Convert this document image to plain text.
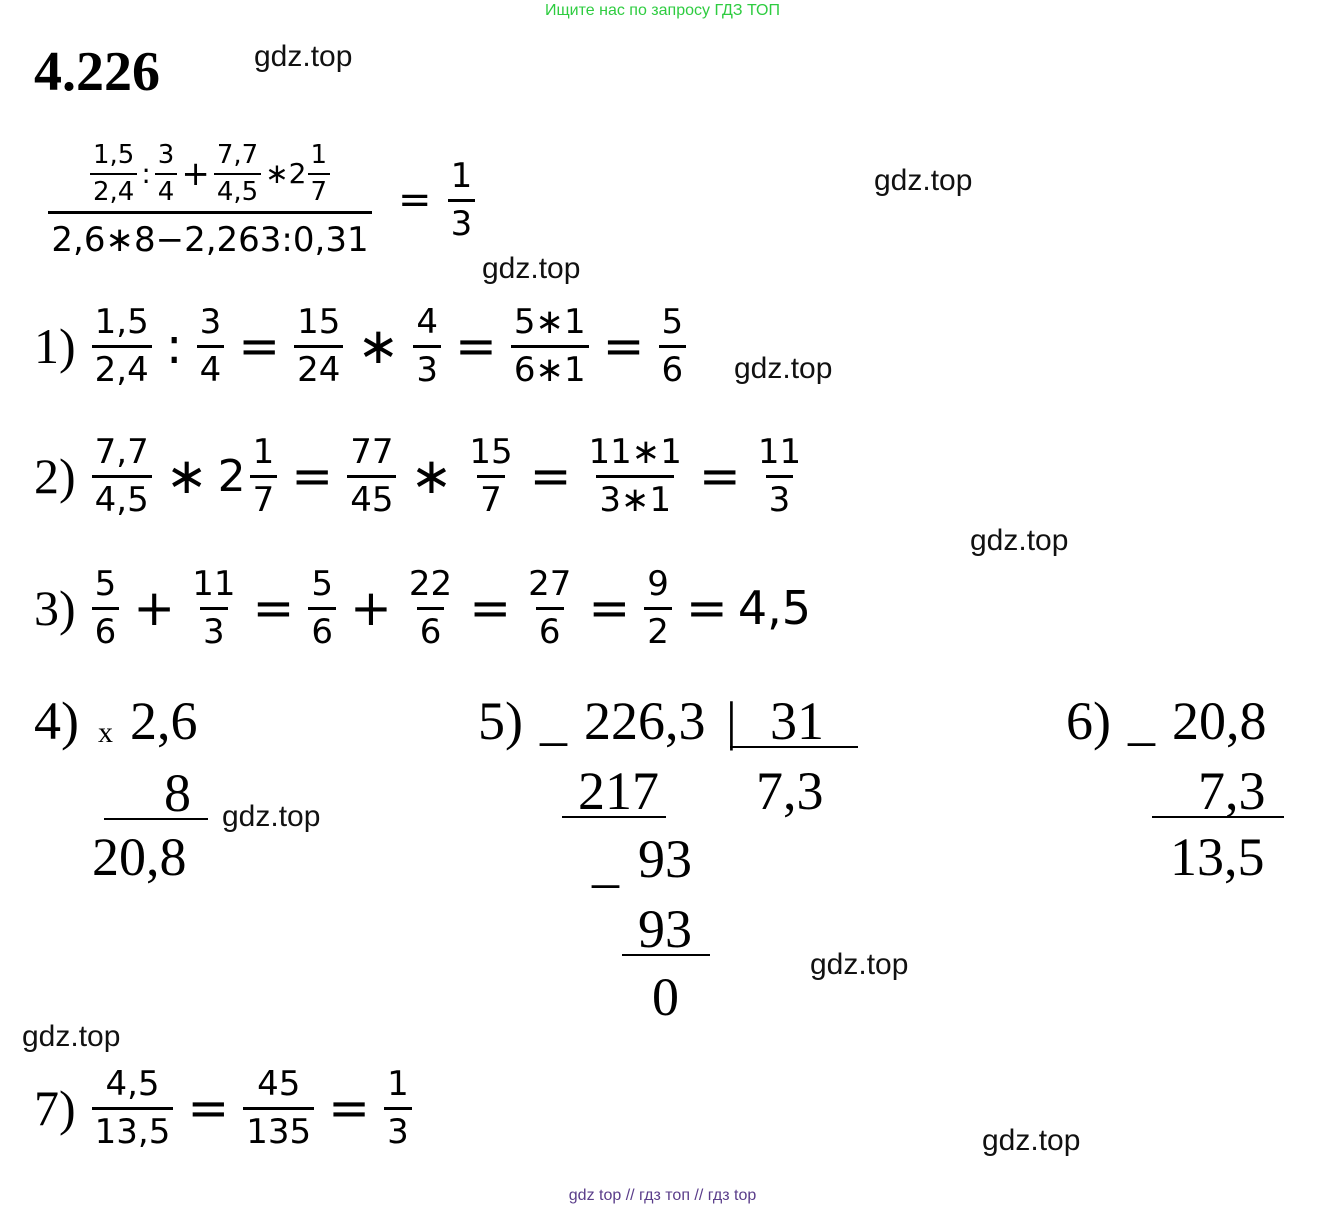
Ищите нас по запросу ГДЗ ТОП
4.226	gdz.top
gdz.top
gdz.top
gdz.top
gdz.top
gdz.top
gdz.top
gdz.top
gdz.top
$\frac{1,5}{2,4}$ : $\frac{3}{4} + \frac{7,7}{4,5}$ ∗ $2 \frac{1}{7}$
2,6∗8−2,263:0,31
= $\frac{1}{3}$
$1) \frac{1,5}{2,4}$ : $\frac{3}{4} = \frac{15}{24}$ ∗ $\frac{4}{3} = \frac{5∗1}{6∗1} = \frac{5}{6}$
$2) \frac{7,7}{4,5}$ ∗ $2 \frac{1}{7} = \frac{77}{45}$ ∗ $\frac{15}{7} = \frac{11∗1}{3∗1} = \frac{11}{3}$
$3) \frac{5}{6} + \frac{11}{3} = \frac{5}{6} + \frac{22}{6} = \frac{27}{6} = \frac{9}{2} = 4,5$
4) x 2,6
8
20,8
5) _ 226,3 | 31
7,3
217
_ 93
93
0
6) _ 20,8
7,3
13,5
$7) \frac{4,5}{13,5} = \frac{45}{135} = \frac{1}{3}$
gdz top // гдз топ // гдз top
